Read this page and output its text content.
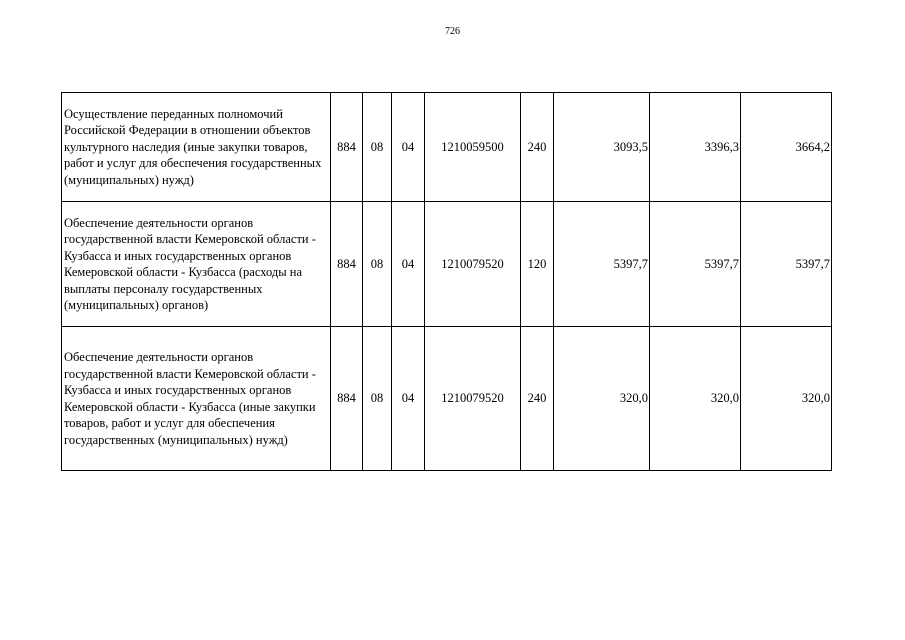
726
Осуществление переданных полномочий Российской Федерации в отношении объектов культурного наследия (иные закупки товаров, работ и услуг для обеспечения государственных (муниципальных) нужд)	884	08	04	1210059500	240	3093,5	3396,3	3664,2
Обеспечение деятельности органов государственной власти Кемеровской области - Кузбасса и иных государственных органов Кемеровской области - Кузбасса (расходы на выплаты персоналу государственных (муниципальных) органов)	884	08	04	1210079520	120	5397,7	5397,7	5397,7
Обеспечение деятельности органов государственной власти Кемеровской области - Кузбасса и иных государственных органов Кемеровской области - Кузбасса (иные закупки товаров, работ и услуг для обеспечения государственных (муниципальных) нужд)	884	08	04	1210079520	240	320,0	320,0	320,0
